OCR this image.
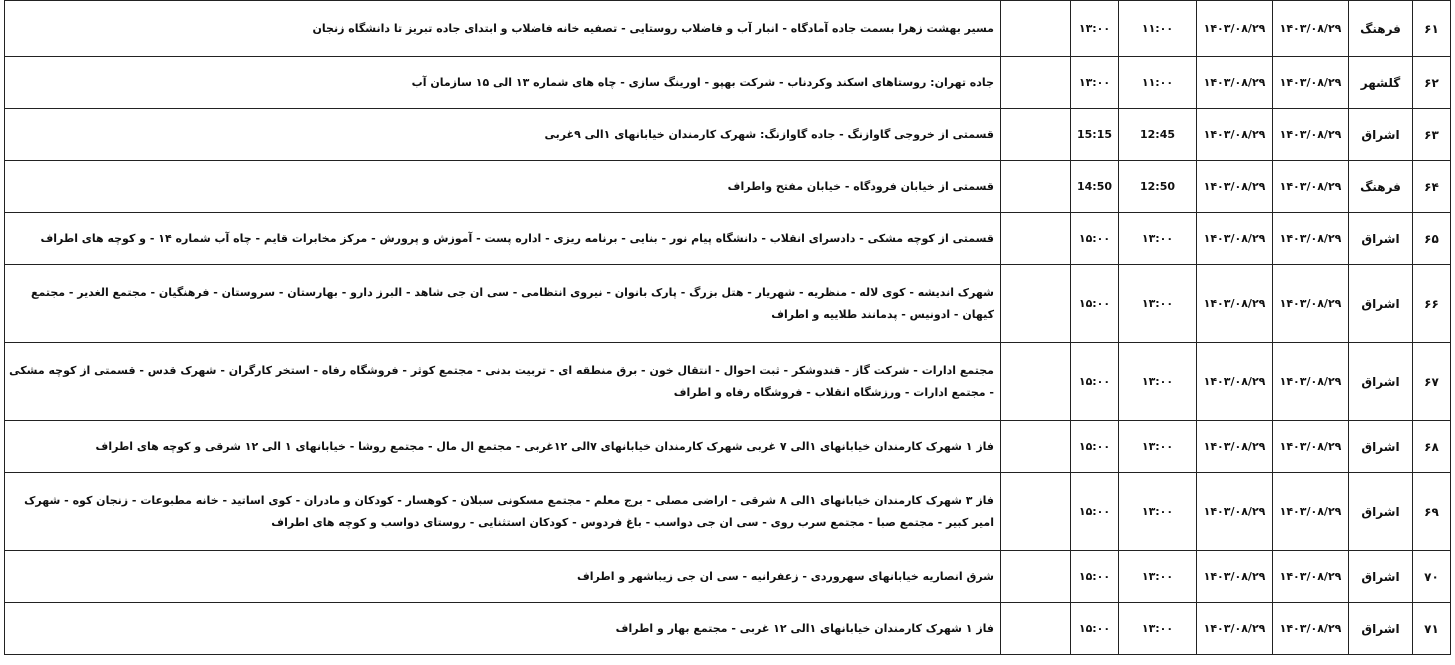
۶۱	فرهنگ	۱۴۰۳/۰۸/۲۹	۱۴۰۳/۰۸/۲۹	۱۱:۰۰	۱۳:۰۰		مسیر بهشت زهرا بسمت جاده آمادگاه - انبار آب و فاضلاب روستایی - تصفیه خانه فاضلاب و ابتدای جاده تبریز تا دانشگاه زنجان
۶۲	گلشهر	۱۴۰۳/۰۸/۲۹	۱۴۰۳/۰۸/۲۹	۱۱:۰۰	۱۳:۰۰		جاده تهران: روستاهای اسکند وکردناب - شرکت بهپو - اورینگ سازی - چاه های شماره ۱۳ الی ۱۵ سازمان آب
۶۳	اشراق	۱۴۰۳/۰۸/۲۹	۱۴۰۳/۰۸/۲۹	12:45	15:15		قسمتی از خروجی گاوازنگ - جاده گاوازنگ: شهرک کارمندان خیابانهای ۱الی ۹غربی
۶۴	فرهنگ	۱۴۰۳/۰۸/۲۹	۱۴۰۳/۰۸/۲۹	12:50	14:50		قسمتی از خیابان فرودگاه - خیابان مفتح واطراف
۶۵	اشراق	۱۴۰۳/۰۸/۲۹	۱۴۰۳/۰۸/۲۹	۱۳:۰۰	۱۵:۰۰		قسمتی از کوچه مشکی - دادسرای انقلاب - دانشگاه پیام نور - بنایی - برنامه ریزی - اداره پست - آموزش و پرورش - مرکز مخابرات قایم - چاه آب شماره ۱۴ - و کوچه های اطراف
۶۶	اشراق	۱۴۰۳/۰۸/۲۹	۱۴۰۳/۰۸/۲۹	۱۳:۰۰	۱۵:۰۰		شهرک اندیشه - کوی لاله - منظریه - شهریار - هتل بزرگ - پارک بانوان - نیروی انتظامی - سی ان جی شاهد - البرز دارو - بهارستان - سروستان - فرهنگیان - مجتمع الغدیر - مجتمع کیهان - ادونیس - پدمانند طلاییه و اطراف
۶۷	اشراق	۱۴۰۳/۰۸/۲۹	۱۴۰۳/۰۸/۲۹	۱۳:۰۰	۱۵:۰۰		مجتمع ادارات - شرکت گاز - قندوشکر - ثبت احوال - انتقال خون - برق منطقه ای - تربیت بدنی - مجتمع کوثر - فروشگاه رفاه - استخر کارگران - شهرک قدس - قسمتی از کوچه مشکی - مجتمع ادارات - ورزشگاه انقلاب - فروشگاه رفاه و اطراف
۶۸	اشراق	۱۴۰۳/۰۸/۲۹	۱۴۰۳/۰۸/۲۹	۱۳:۰۰	۱۵:۰۰		فاز ۱ شهرک کارمندان خیابانهای ۱الی ۷ غربی شهرک کارمندان خیابانهای ۷الی ۱۲غربی - مجتمع ال مال - مجتمع روشا - خیابانهای ۱ الی ۱۲ شرقی و کوچه های اطراف
۶۹	اشراق	۱۴۰۳/۰۸/۲۹	۱۴۰۳/۰۸/۲۹	۱۳:۰۰	۱۵:۰۰		فاز ۳ شهرک کارمندان خیابانهای ۱الی ۸ شرقی - اراضی مصلی - برج معلم - مجتمع مسکونی سبلان - کوهسار - کودکان و مادران - کوی اساتید - خانه مطبوعات - زنجان کوه - شهرک امیر کبیر - مجتمع صبا - مجتمع سرب روی - سی ان جی دواسب - باغ فردوس - کودکان استثنایی - روستای دواسب و کوچه های اطراف
۷۰	اشراق	۱۴۰۳/۰۸/۲۹	۱۴۰۳/۰۸/۲۹	۱۳:۰۰	۱۵:۰۰		شرق انصاریه خیابانهای سهروردی - زعفرانیه - سی ان جی زیباشهر و اطراف
۷۱	اشراق	۱۴۰۳/۰۸/۲۹	۱۴۰۳/۰۸/۲۹	۱۳:۰۰	۱۵:۰۰		فاز ۱ شهرک کارمندان خیابانهای ۱الی ۱۲ غربی - مجتمع بهار و اطراف
